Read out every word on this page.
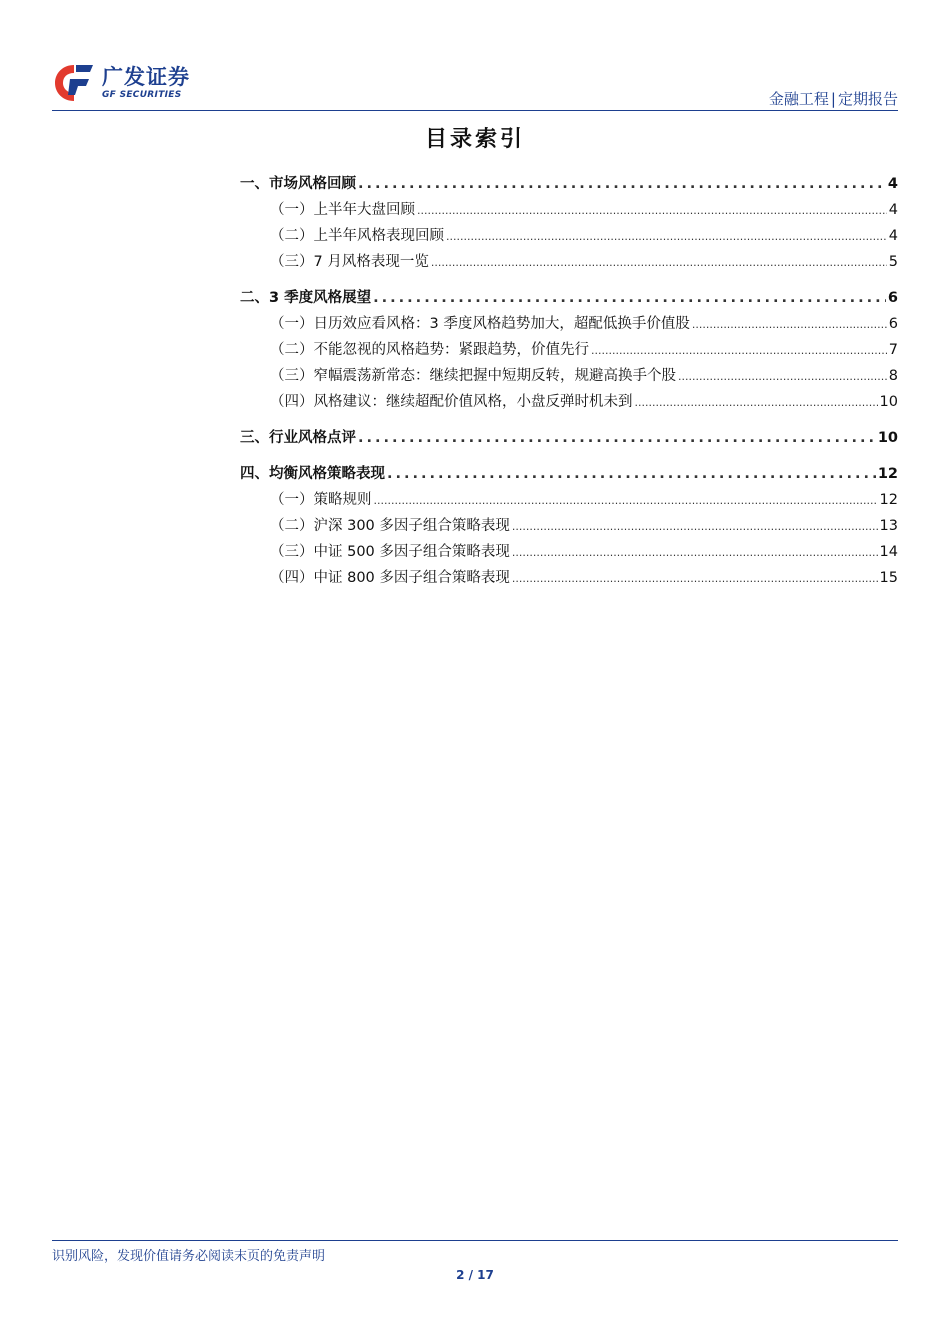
广发证券
GF SECURITIES	金融工程 | 定期报告
目录索引
一、市场风格回顾 .....	4
（一）上半年大盘回顾 .....	4
（二）上半年风格表现回顾 .....	4
（三）7 月风格表现一览 .....	5
二、3 季度风格展望 .....	6
（一）日历效应看风格：3 季度风格趋势加大，超配低换手价值股 .....	6
（二）不能忽视的风格趋势：紧跟趋势，价值先行 .....	7
（三）窄幅震荡新常态：继续把握中短期反转，规避高换手个股 .....	8
（四）风格建议：继续超配价值风格，小盘反弹时机未到 .....	10
三、行业风格点评 .....	10
四、均衡风格策略表现 .....	12
（一）策略规则 .....	12
（二）沪深 300 多因子组合策略表现 .....	13
（三）中证 500 多因子组合策略表现 .....	14
（四）中证 800 多因子组合策略表现 .....	15
识别风险，发现价值请务必阅读末页的免责声明
2 / 17
